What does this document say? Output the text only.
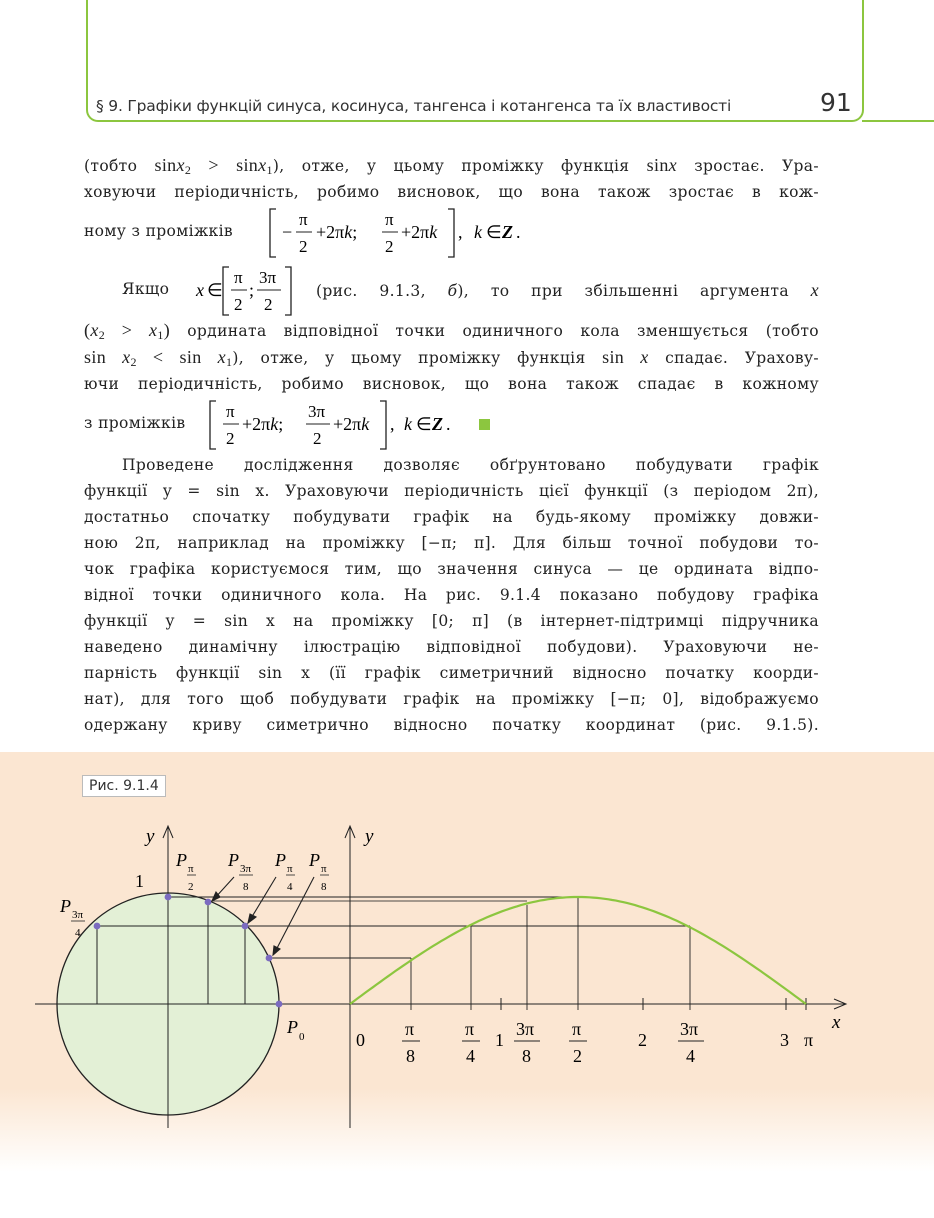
§ 9. Графіки функцій синуса, косинуса, тангенса і котангенса та їх властивості	91
(тобто sinx$_2$ > sinx$_1$), отже, у цьому проміжку функція sinx зростає. Ура-
ховуючи періодичність, робимо висновок, що вона також зростає в кож-
ному з проміжків	−
π
2
+2πk;
π
2
+2πk , k ∈ Z .
Якщо	x ∈
π
2
;
3π
2
(рис. 9.1.3, б), то при збільшенні аргумента x
$(x_2 > x_1)$ ордината відповідної точки одиничного кола зменшується (тобто
$\sin x_2 < \sin x_1$), отже, у цьому проміжку функція sin x спадає. Урахову-
ючи періодичність, робимо висновок, що вона також спадає в кожному
з проміжків
π
2
+2πk;
3π
2
+2πk , k ∈ Z .
Проведене дослідження дозволяє обґрунтовано побудувати графік
функції y = sin x. Ураховуючи періодичність цієї функції (з періодом 2π),
достатньо спочатку побудувати графік на будь-якому проміжку довжи-
ною 2π, наприклад на проміжку [−π; π]. Для більш точної побудови то-
чок графіка користуємося тим, що значення синуса — це ордината відпо-
відної точки одиничного кола. На рис. 9.1.4 показано побудову графіка
функції y = sin x на проміжку [0; π] (в інтернет-підтримці підручника
наведено динамічну ілюстрацію відповідної побудови). Ураховуючи не-
парність функції sin x (її графік симетричний відносно початку коорди-
нат), для того щоб побудувати графік на проміжку [−π; 0], відображуємо
одержану криву симетрично відносно початку координат (рис. 9.1.5).
y	y
x
1
0
P P P P
P
P
π
2
3π
8
π
4
π
8
3π
4
0	π
8
π
4
1
3π
8
π
2
2
3π
4
3 π
Рис. 9.1.4
